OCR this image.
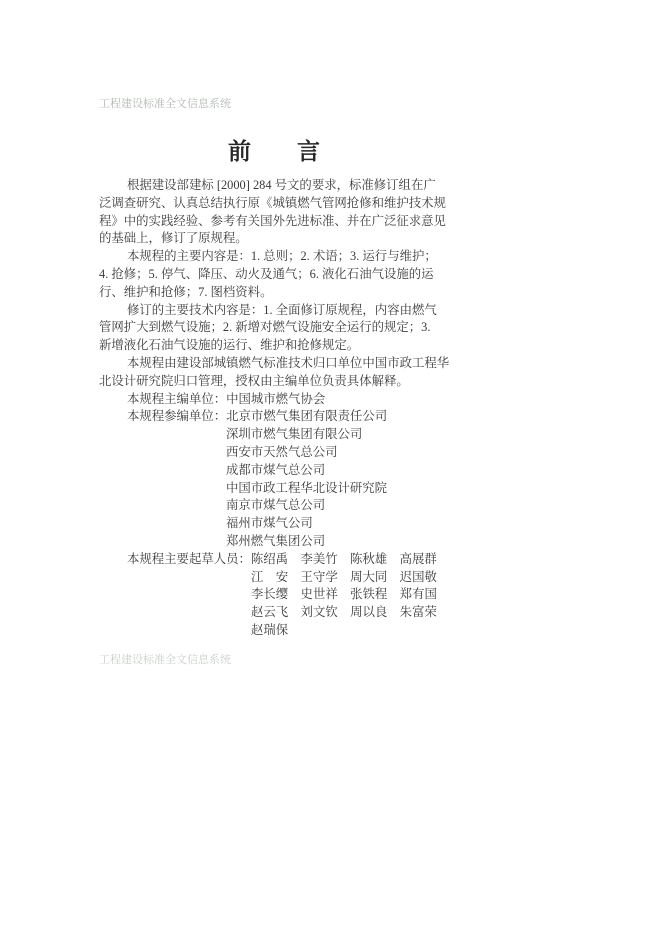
工程建设标准全文信息系统
前　　言

根据建设部建标 [2000] 284 号文的要求，标准修订组在广

泛调查研究、认真总结执行原《城镇燃气管网抢修和维护技术规

程》中的实践经验、参考有关国外先进标准、并在广泛征求意见

的基础上，修订了原规程。

本规程的主要内容是：1. 总则；2. 术语；3. 运行与维护；

4. 抢修；5. 停气、降压、动火及通气；6. 液化石油气设施的运

行、维护和抢修；7. 图档资料。

修订的主要技术内容是：1. 全面修订原规程，内容由燃气

管网扩大到燃气设施；2. 新增对燃气设施安全运行的规定；3.

新增液化石油气设施的运行、维护和抢修规定。

本规程由建设部城镇燃气标准技术归口单位中国市政工程华

北设计研究院归口管理，授权由主编单位负责具体解释。

本规程主编单位：中国城市燃气协会

本规程参编单位：北京市燃气集团有限责任公司

深圳市燃气集团有限公司

西安市天然气总公司

成都市煤气总公司

中国市政工程华北设计研究院

南京市煤气总公司

福州市煤气公司

郑州燃气集团公司

本规程主要起草人员：陈绍禹　李美竹　陈秋雄　高展群

江　安　王守学　周大同　迟国敬

李长缨　史世祥　张铁程　郑有国

赵云飞　刘文钦　周以良　朱富荣

赵瑞保

工程建设标准全文信息系统
